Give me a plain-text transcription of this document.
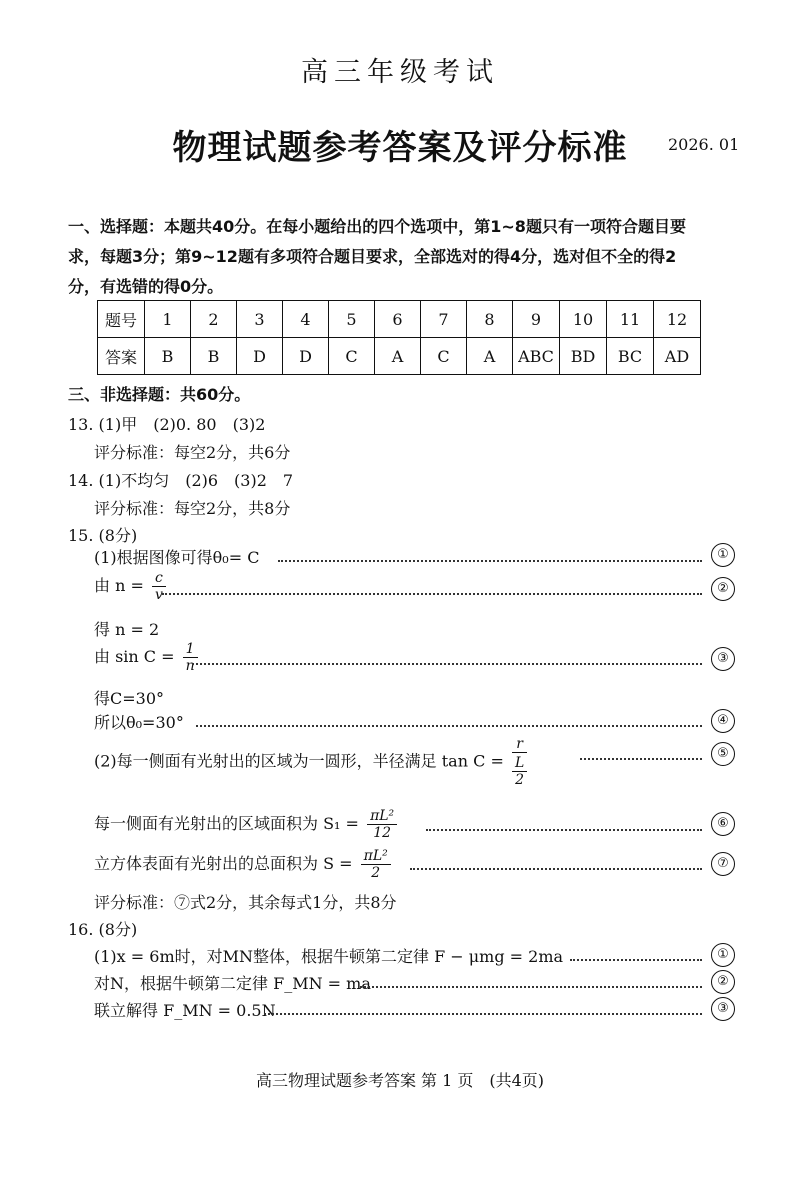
高三年级考试
物理试题参考答案及评分标准	2026. 01
一、选择题：本题共40分。在每小题给出的四个选项中，第1~8题只有一项符合题目要
求，每题3分；第9~12题有多项符合题目要求，全部选对的得4分，选对但不全的得2
分，有选错的得0分。
题号	1	2	3	4	5	6	7	8	9	10	11	12
答案	B	B	D	D	C	A	C	A	ABC	BD	BC	AD
三、非选择题：共60分。
13. (1)甲　(2)0. 80　(3)2
评分标准：每空2分，共6分
14. (1)不均匀　(2)6　(3)2　7
评分标准：每空2分，共8分
15. (8分)
(1)根据图像可得θ₀= C	①
由 $n = \frac{c}{v}$	②
得 n = 2
由 $\sin C = \frac{1}{n}$	③
得C=30°
所以θ₀=30°	④
(2)每一侧面有光射出的区域为一圆形，半径满足 $\tan C = \frac{r}{\frac{L}{2}}$	⑤
每一侧面有光射出的区域面积为 $S_1 = \frac{\text{πL²}}{12}$	⑥
立方体表面有光射出的总面积为 $S = \frac{\text{πL²}}{2}$	⑦
评分标准：⑦式2分，其余每式1分，共8分
16. (8分)
(1)x = 6m时，对MN整体，根据牛顿第二定律 F − μmg = 2ma	①
对N，根据牛顿第二定律 F_MN = ma	②
联立解得 F_MN = 0.5N	③
高三物理试题参考答案 第 1 页　(共4页)
